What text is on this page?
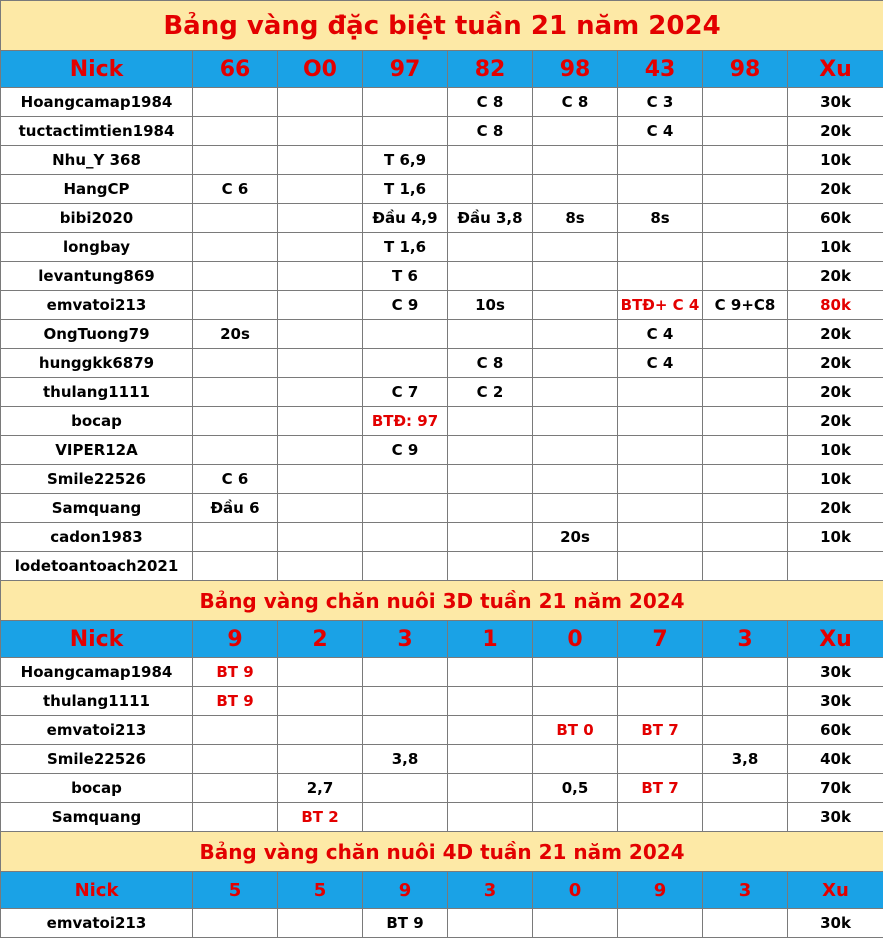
Bảng vàng đặc biệt tuần 21 năm 2024								
Nick	66	O0	97	82	98	43	98	Xu
Hoangcamap1984				C 8	C 8	C 3		30k
tuctactimtien1984				C 8		C 4		20k
Nhu_Y 368			T 6,9					10k
HangCP	C 6		T 1,6					20k
bibi2020			Đầu 4,9	Đầu 3,8	8s	8s		60k
longbay			T 1,6					10k
levantung869			T 6					20k
emvatoi213			C 9	10s		BTĐ+ C 4	C 9+C8	80k
OngTuong79	20s					C 4		20k
hunggkk6879				C 8		C 4		20k
thulang1111			C 7	C 2				20k
bocap			BTĐ: 97					20k
VIPER12A			C 9					10k
Smile22526	C 6							10k
Samquang	Đầu 6							20k
cadon1983					20s			10k
lodetoantoach2021								
Bảng vàng chăn nuôi 3D tuần 21 năm 2024								
Nick	9	2	3	1	0	7	3	Xu
Hoangcamap1984	BT 9							30k
thulang1111	BT 9							30k
emvatoi213					BT 0	BT 7		60k
Smile22526			3,8				3,8	40k
bocap		2,7			0,5	BT 7		70k
Samquang		BT 2						30k
Bảng vàng chăn nuôi 4D tuần 21 năm 2024								
Nick	5	5	9	3	0	9	3	Xu
emvatoi213			BT 9					30k
